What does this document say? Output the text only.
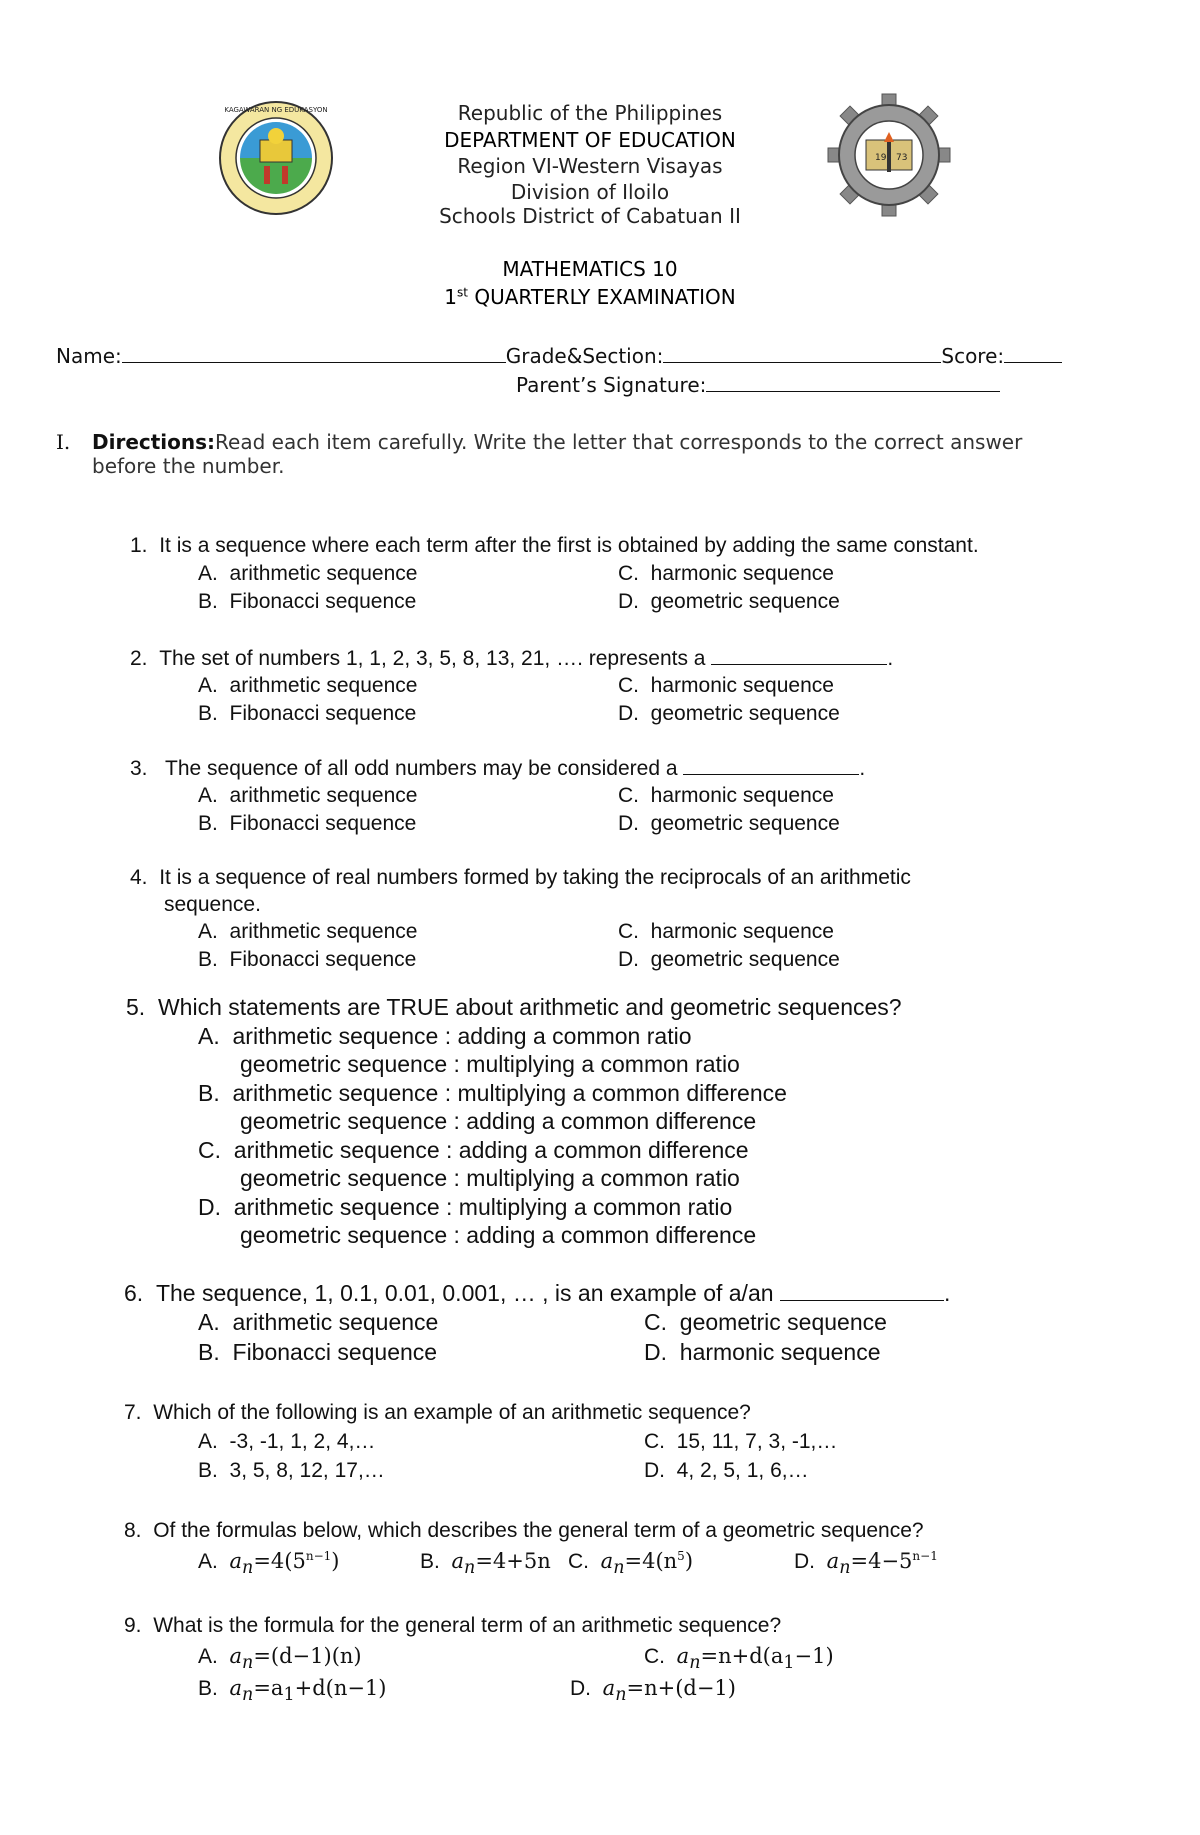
KAGAWARAN NG EDUKASYON
19 73
Republic of the Philippines
DEPARTMENT OF EDUCATION
Region VI-Western Visayas
Division of Iloilo
Schools District of Cabatuan II
MATHEMATICS 10
1st QUARTERLY EXAMINATION
Name:	Grade&Section:	Score:
Parent’s Signature:
I. Directions:Read each item carefully. Write the letter that corresponds to the correct answer
before the number.
1. It is a sequence where each term after the first is obtained by adding the same constant.
A. arithmetic sequence	C. harmonic sequence
B. Fibonacci sequence	D. geometric sequence
2. The set of numbers 1, 1, 2, 3, 5, 8, 13, 21, …. represents a	.
A. arithmetic sequence	C. harmonic sequence
B. Fibonacci sequence	D. geometric sequence
3. The sequence of all odd numbers may be considered a	.
A. arithmetic sequence	C. harmonic sequence
B. Fibonacci sequence	D. geometric sequence
4. It is a sequence of real numbers formed by taking the reciprocals of an arithmetic
sequence.
A. arithmetic sequence	C. harmonic sequence
B. Fibonacci sequence	D. geometric sequence
5. Which statements are TRUE about arithmetic and geometric sequences?
A. arithmetic sequence : adding a common ratio
geometric sequence : multiplying a common ratio
B. arithmetic sequence : multiplying a common difference
geometric sequence : adding a common difference
C. arithmetic sequence : adding a common difference
geometric sequence : multiplying a common ratio
D. arithmetic sequence : multiplying a common ratio
geometric sequence : adding a common difference
6. The sequence, 1, 0.1, 0.01, 0.001, … , is an example of a/an	.
A. arithmetic sequence	C. geometric sequence
B. Fibonacci sequence	D. harmonic sequence
7. Which of the following is an example of an arithmetic sequence?
A. -3, -1, 1, 2, 4,…	C. 15, 11, 7, 3, -1,…
B. 3, 5, 8, 12, 17,…	D. 4, 2, 5, 1, 6,…
8. Of the formulas below, which describes the general term of a geometric sequence?
A. $a_n=4(5^{n-1})$	B. $a_n=4+5n$ C. $a_n=4(n^5)$	D. $a_n=4-5^{n-1}$
9. What is the formula for the general term of an arithmetic sequence?
A. $a_n=(d-1)(n)$	C. $a_n=n+d(a_1-1)$
B. $a_n=a_1+d(n-1)$	D. $a_n=n+(d-1)$
